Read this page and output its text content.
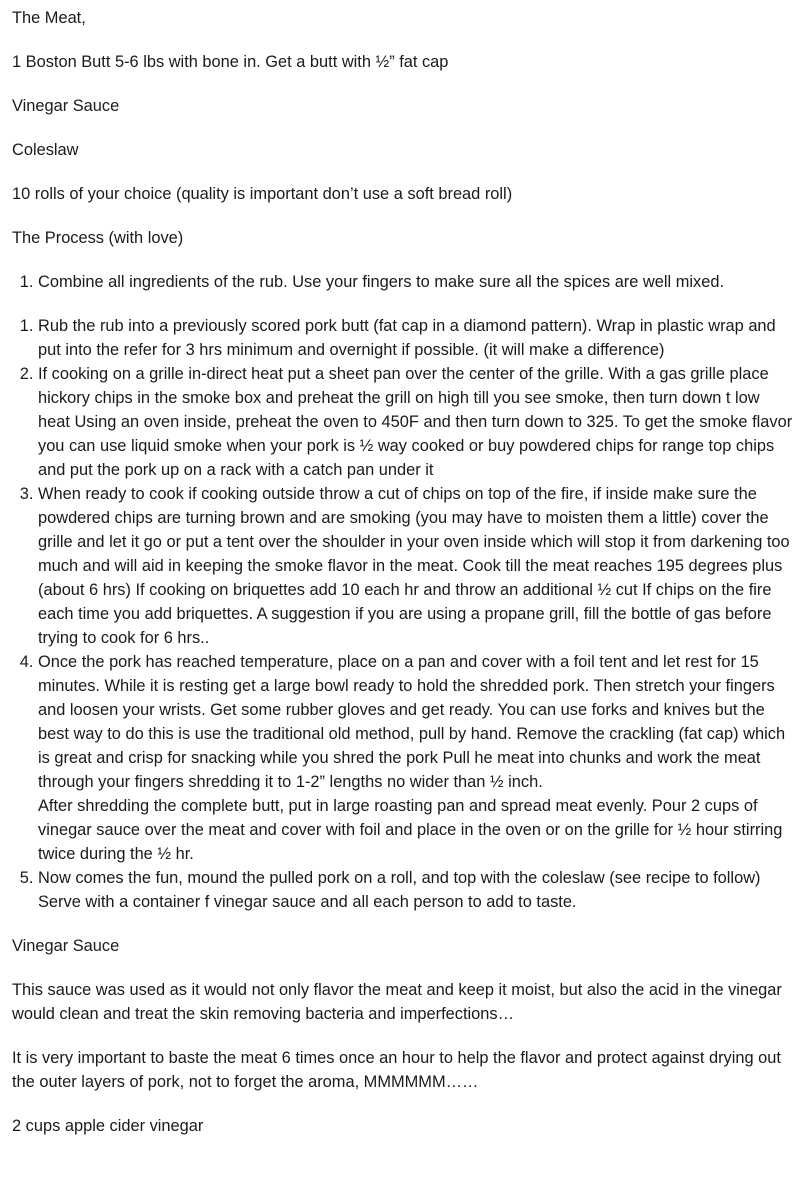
The Meat,

1 Boston Butt 5-6 lbs with bone in. Get a butt with ½” fat cap

Vinegar Sauce

Coleslaw

10 rolls of your choice (quality is important don’t use a soft bread roll)

The Process (with love)

1. Combine all ingredients of the rub. Use your fingers to make sure all the spices are well mixed.
1. Rub the rub into a previously scored pork butt (fat cap in a diamond pattern). Wrap in plastic wrap and put into the refer for 3 hrs minimum and overnight if possible. (it will make a difference)
2. If cooking on a grille in-direct heat put a sheet pan over the center of the grille. With a gas grille place hickory chips in the smoke box and preheat the grill on high till you see smoke, then turn down t low heat Using an oven inside, preheat the oven to 450F and then turn down to 325. To get the smoke flavor you can use liquid smoke when your pork is ½ way cooked or buy powdered chips for range top chips and put the pork up on a rack with a catch pan under it
3. When ready to cook if cooking outside throw a cut of chips on top of the fire, if inside make sure the powdered chips are turning brown and are smoking (you may have to moisten them a little) cover the grille and let it go or put a tent over the shoulder in your oven inside which will stop it from darkening too much and will aid in keeping the smoke flavor in the meat. Cook till the meat reaches 195 degrees plus (about 6 hrs) If cooking on briquettes add 10 each hr and throw an additional ½ cut If chips on the fire each time you add briquettes. A suggestion if you are using a propane grill, fill the bottle of gas before trying to cook for 6 hrs..
4. Once the pork has reached temperature, place on a pan and cover with a foil tent and let rest for 15 minutes. While it is resting get a large bowl ready to hold the shredded pork. Then stretch your fingers and loosen your wrists. Get some rubber gloves and get ready. You can use forks and knives but the best way to do this is use the traditional old method, pull by hand. Remove the crackling (fat cap) which is great and crisp for snacking while you shred the pork Pull he meat into chunks and work the meat through your fingers shredding it to 1-2” lengths no wider than ½ inch.
After shredding the complete butt, put in large roasting pan and spread meat evenly. Pour 2 cups of vinegar sauce over the meat and cover with foil and place in the oven or on the grille for ½ hour stirring twice during the ½ hr.
5. Now comes the fun, mound the pulled pork on a roll, and top with the coleslaw (see recipe to follow) Serve with a container f vinegar sauce and all each person to add to taste.

Vinegar Sauce

This sauce was used as it would not only flavor the meat and keep it moist, but also the acid in the vinegar would clean and treat the skin removing bacteria and imperfections…

It is very important to baste the meat 6 times once an hour to help the flavor and protect against drying out the outer layers of pork, not to forget the aroma, MMMMMM……

2 cups apple cider vinegar
